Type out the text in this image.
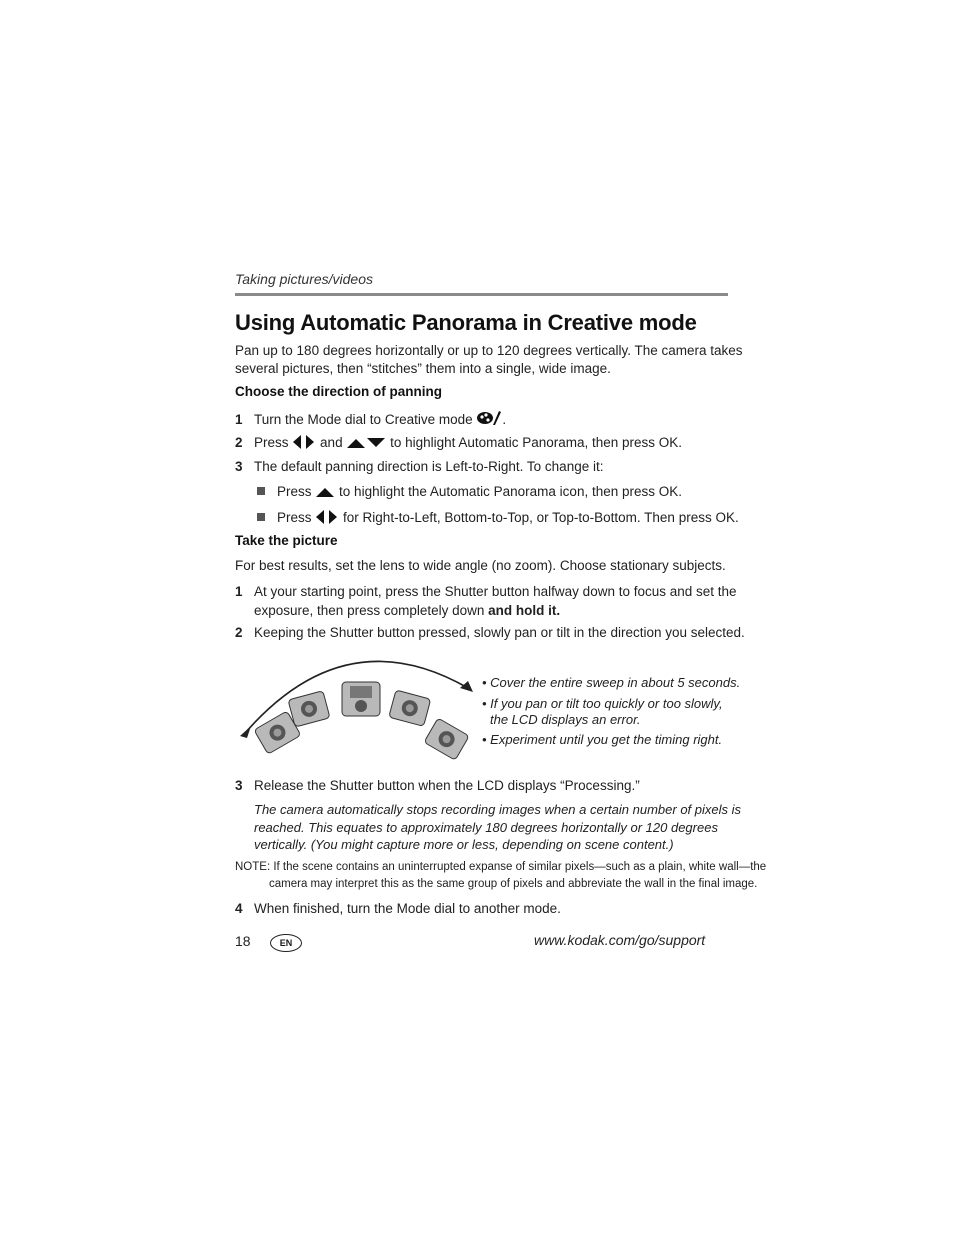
Taking pictures/videos
Using Automatic Panorama in Creative mode
Pan up to 180 degrees horizontally or up to 120 degrees vertically. The camera takes
several pictures, then “stitches” them into a single, wide image.
Choose the direction of panning
1 Turn the Mode dial to Creative mode .
2 Press and	to highlight Automatic Panorama, then press OK.
3 The default panning direction is Left-to-Right. To change it:
Press to highlight the Automatic Panorama icon, then press OK.
Press for Right-to-Left, Bottom-to-Top, or Top-to-Bottom. Then press OK.
Take the picture
For best results, set the lens to wide angle (no zoom). Choose stationary subjects.
1 At your starting point, press the Shutter button halfway down to focus and set the
exposure, then press completely down and hold it.
2 Keeping the Shutter button pressed, slowly pan or tilt in the direction you selected.
• Cover the entire sweep in about 5 seconds.
• If you pan or tilt too quickly or too slowly,
the LCD displays an error.
• Experiment until you get the timing right.
3 Release the Shutter button when the LCD displays “Processing.”
The camera automatically stops recording images when a certain number of pixels is
reached. This equates to approximately 180 degrees horizontally or 120 degrees
vertically. (You might capture more or less, depending on scene content.)
NOTE: If the scene contains an uninterrupted expanse of similar pixels—such as a plain, white wall—the
camera may interpret this as the same group of pixels and abbreviate the wall in the final image.
4 When finished, turn the Mode dial to another mode.
18	EN	www.kodak.com/go/support
